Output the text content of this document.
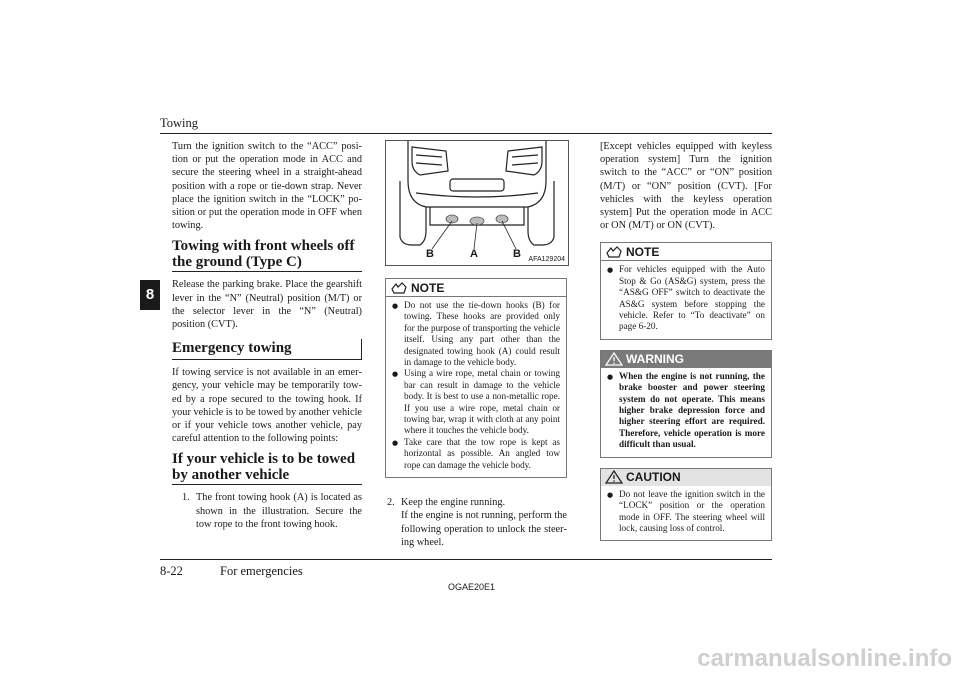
Towing
8

Turn the ignition switch to the “ACC” position or put the operation mode in ACC and secure the steering wheel in a straight-ahead position with a rope or tie-down strap. Never place the ignition switch in the “LOCK” position or put the operation mode in OFF when towing.

Towing with front wheels off the ground (Type C)

Release the parking brake. Place the gearshift lever in the “N” (Neutral) position (M/T) or the selector lever in the “N” (Neutral) position (CVT).

Emergency towing

If towing service is not available in an emergency, your vehicle may be temporarily towed by a rope secured to the towing hook. If your vehicle is to be towed by another vehicle or if your vehicle tows another vehicle, pay careful attention to the following points:

If your vehicle is to be towed by another vehicle
1. The front towing hook (A) is located as shown in the illustration. Secure the tow rope to the front towing hook.
B	A	B AFA129204
NOTE
● Do not use the tie-down hooks (B) for towing. These hooks are provided only for the purpose of transporting the vehicle itself. Using any part other than the designated towing hook (A) could result in damage to the vehicle body.
● Using a wire rope, metal chain or towing bar can result in damage to the vehicle body. It is best to use a non-metallic rope. If you use a wire rope, metal chain or towing bar, wrap it with cloth at any point where it touches the vehicle body.
● Take care that the tow rope is kept as horizontal as possible. An angled tow rope can damage the vehicle body.
2. Keep the engine running.
If the engine is not running, perform the following operation to unlock the steering wheel.

[Except vehicles equipped with keyless operation system] Turn the ignition switch to the “ACC” or “ON” position (M/T) or “ON” position (CVT). [For vehicles with the keyless operation system] Put the operation mode in ACC or ON (M/T) or ON (CVT).

NOTE
● For vehicles equipped with the Auto Stop & Go (AS&G) system, press the “AS&G OFF” switch to deactivate the AS&G system before stopping the vehicle. Refer to “To deactivate” on page 6-20.
WARNING
● When the engine is not running, the brake booster and power steering system do not operate. This means higher brake depression force and higher steering effort are required. Therefore, vehicle operation is more difficult than usual.
CAUTION
● Do not leave the ignition switch in the “LOCK” position or the operation mode in OFF. The steering wheel will lock, causing loss of control.
8-22	For emergencies
OGAE20E1
carmanualsonline.info
